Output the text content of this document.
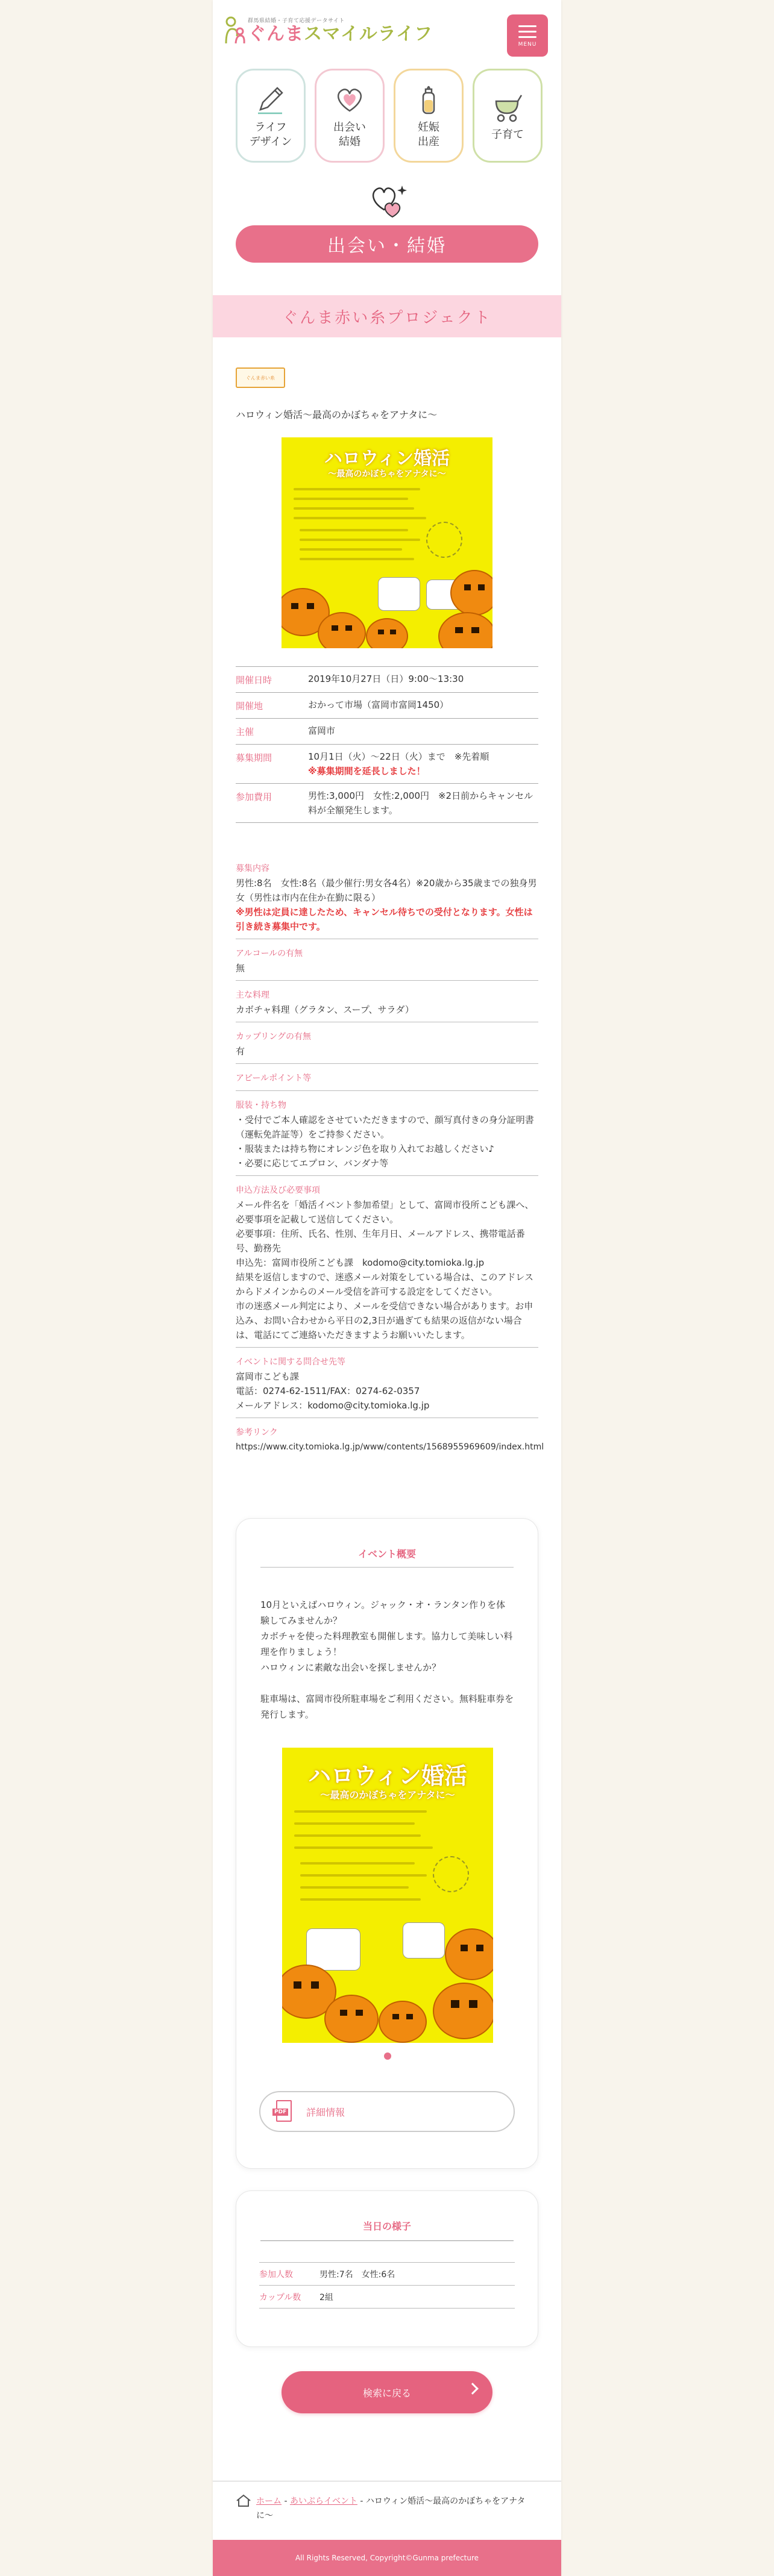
群馬県結婚・子育て応援データサイト
ぐんまスマイルライフ
MENU
ライフ
デザイン
出会い
結婚
妊娠
出産
子育て
出会い・結婚
ぐんま赤い糸プロジェクト
ぐんま赤い糸
ハロウィン婚活〜最高のかぼちゃをアナタに〜
ハロウィン婚活
〜最高のかぼちゃをアナタに〜
開催日時	2019年10月27日（日）9:00〜13:30
開催地	おかって市場（富岡市富岡1450）
主催	富岡市
募集期間	10月1日（火）〜22日（火）まで　※先着順
※募集期間を延長しました！
参加費用	男性:3,000円　女性:2,000円　※2日前からキャンセル料が全額発生します。
募集内容
男性:8名　女性:8名（最少催行:男女各4名）※20歳から35歳までの独身男女（男性は市内在住か在勤に限る）
※男性は定員に達したため、キャンセル待ちでの受付となります。女性は引き続き募集中です。
アルコールの有無
無
主な料理
カボチャ料理（グラタン、スープ、サラダ）
カップリングの有無
有
アピールポイント等
服装・持ち物
・受付でご本人確認をさせていただきますので、顔写真付きの身分証明書（運転免許証等）をご持参ください。
・服装または持ち物にオレンジ色を取り入れてお越しください♪
・必要に応じてエプロン、バンダナ等
申込方法及び必要事項
メール件名を「婚活イベント参加希望」として、富岡市役所こども課へ、必要事項を記載して送信してください。
必要事項：住所、氏名、性別、生年月日、メールアドレス、携帯電話番号、勤務先
申込先：富岡市役所こども課　kodomo@city.tomioka.lg.jp
結果を返信しますので、迷惑メール対策をしている場合は、このアドレスからドメインからのメール受信を許可する設定をしてください。
市の迷惑メール判定により、メールを受信できない場合があります。お申込み、お問い合わせから平日の2,3日が過ぎても結果の返信がない場合は、電話にてご連絡いただきますようお願いいたします。
イベントに関する問合せ先等
富岡市こども課
電話：0274-62-1511/FAX：0274-62-0357
メールアドレス：kodomo@city.tomioka.lg.jp
参考リンク
https://www.city.tomioka.lg.jp/www/contents/1568955969609/index.html
イベント概要
10月といえばハロウィン。ジャック・オ・ランタン作りを体験してみませんか？
カボチャを使った料理教室も開催します。協力して美味しい料理を作りましょう！
ハロウィンに素敵な出会いを探しませんか？

駐車場は、富岡市役所駐車場をご利用ください。無料駐車券を発行します。
ハロウィン婚活
〜最高のかぼちゃをアナタに〜
PDF 詳細情報
当日の様子
参加人数	男性:7名　女性:6名
カップル数	2組
検索に戻る
ホーム - あいぷらイベント - ハロウィン婚活〜最高のかぼちゃをアナタに〜
All Rights Reserved, Copyright©Gunma prefecture
